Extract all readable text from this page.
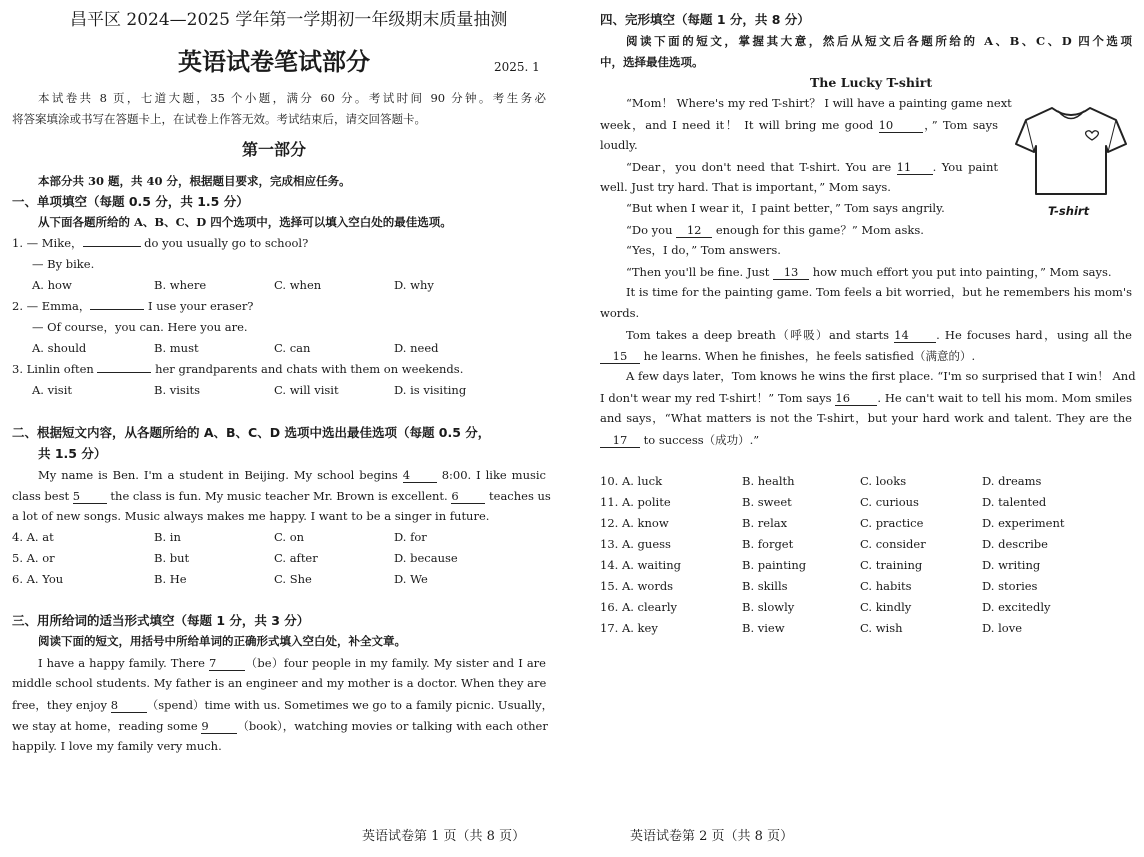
昌平区 2024—2025 学年第一学期初一年级期末质量抽测
英语试卷笔试部分	2025. 1
本试卷共 8 页，七道大题，35 个小题，满分 60 分。考试时间 90 分钟。考生务必
将答案填涂或书写在答题卡上，在试卷上作答无效。考试结束后，请交回答题卡。
第一部分
本部分共 30 题，共 40 分，根据题目要求，完成相应任务。
一、单项填空（每题 0.5 分，共 1.5 分）
从下面各题所给的 A、B、C、D 四个选项中，选择可以填入空白处的最佳选项。
1. — Mike，	do you usually go to school?
— By bike.
A. how	B. where	C. when	D. why
2. — Emma，	I use your eraser?
— Of course，you can. Here you are.
A. should	B. must	C. can	D. need
3. Linlin often	her grandparents and chats with them on weekends.
A. visit	B. visits	C. will visit	D. is visiting
二、根据短文内容，从各题所给的 A、B、C、D 选项中选出最佳选项（每题 0.5 分，
共 1.5 分）
My name is Ben. I'm a student in Beijing. My school begins 4 8:00. I like music
class best 5 the class is fun. My music teacher Mr. Brown is excellent. 6 teaches us
a lot of new songs. Music always makes me happy. I want to be a singer in future.
4. A. at	B. in	C. on	D. for
5. A. or	B. but	C. after	D. because
6. A. You	B. He	C. She	D. We
三、用所给词的适当形式填空（每题 1 分，共 3 分）
阅读下面的短文，用括号中所给单词的正确形式填入空白处，补全文章。
I have a happy family. There 7 （be）four people in my family. My sister and I are
middle school students. My father is an engineer and my mother is a doctor. When they are
free，they enjoy 8 （spend）time with us. Sometimes we go to a family picnic. Usually，
we stay at home，reading some 9 （book），watching movies or talking with each other
happily. I love my family very much.
四、完形填空（每题 1 分，共 8 分）
阅读下面的短文，掌握其大意，然后从短文后各题所给的 A、B、C、D 四个选项
中，选择最佳选项。
The Lucky T-shirt
“Mom！ Where's my red T-shirt？ I will have a painting game next
week，and I need it！ It will bring me good 10	，” Tom says
loudly.
“Dear，you don't need that T-shirt. You are 11 . You paint
well. Just try hard. That is important，” Mom says.
“But when I wear it，I paint better，” Tom says angrily.
“Do you 12 enough for this game？” Mom asks.
“Yes，I do，” Tom answers.
“Then you'll be fine. Just 13 how much effort you put into painting，” Mom says.
It is time for the painting game. Tom feels a bit worried，but he remembers his mom's
words.
Tom takes a deep breath（呼吸）and starts 14 . He focuses hard，using all the
15 he learns. When he finishes，he feels satisfied（满意的）.
A few days later，Tom knows he wins the first place. “I'm so surprised that I win！ And
I don't wear my red T-shirt！” Tom says 16 . He can't wait to tell his mom. Mom smiles
and says，“What matters is not the T-shirt，but your hard work and talent. They are the
17 to success（成功）.”
10. A. luck	B. health	C. looks	D. dreams
11. A. polite	B. sweet	C. curious	D. talented
12. A. know	B. relax	C. practice	D. experiment
13. A. guess	B. forget	C. consider	D. describe
14. A. waiting	B. painting	C. training	D. writing
15. A. words	B. skills	C. habits	D. stories
16. A. clearly	B. slowly	C. kindly	D. excitedly
17. A. key	B. view	C. wish	D. love
T-shirt
英语试卷第 1 页（共 8 页）	英语试卷第 2 页（共 8 页）
